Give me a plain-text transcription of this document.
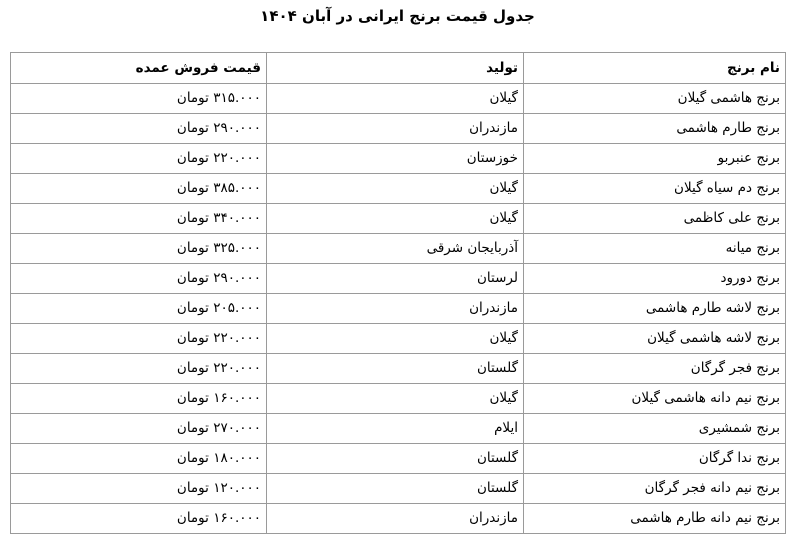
جدول قیمت برنج ایرانی در آبان ۱۴۰۴
نام برنج	تولید	قیمت فروش عمده
برنج هاشمی گیلان	گیلان	۳۱۵.۰۰۰ تومان
برنج طارم هاشمی	مازندران	۲۹۰.۰۰۰ تومان
برنج عنبربو	خوزستان	۲۲۰.۰۰۰ تومان
برنج دم سیاه گیلان	گیلان	۳۸۵.۰۰۰ تومان
برنج علی کاظمی	گیلان	۳۴۰.۰۰۰ تومان
برنج میانه	آذربایجان شرقی	۳۲۵.۰۰۰ تومان
برنج دورود	لرستان	۲۹۰.۰۰۰ تومان
برنج لاشه طارم هاشمی	مازندران	۲۰۵.۰۰۰ تومان
برنج لاشه هاشمی گیلان	گیلان	۲۲۰.۰۰۰ تومان
برنج فجر گرگان	گلستان	۲۲۰.۰۰۰ تومان
برنج نیم دانه هاشمی گیلان	گیلان	۱۶۰.۰۰۰ تومان
برنج شمشیری	ایلام	۲۷۰.۰۰۰ تومان
برنج ندا گرگان	گلستان	۱۸۰.۰۰۰ تومان
برنج نیم دانه فجر گرگان	گلستان	۱۲۰.۰۰۰ تومان
برنج نیم دانه طارم هاشمی	مازندران	۱۶۰.۰۰۰ تومان
